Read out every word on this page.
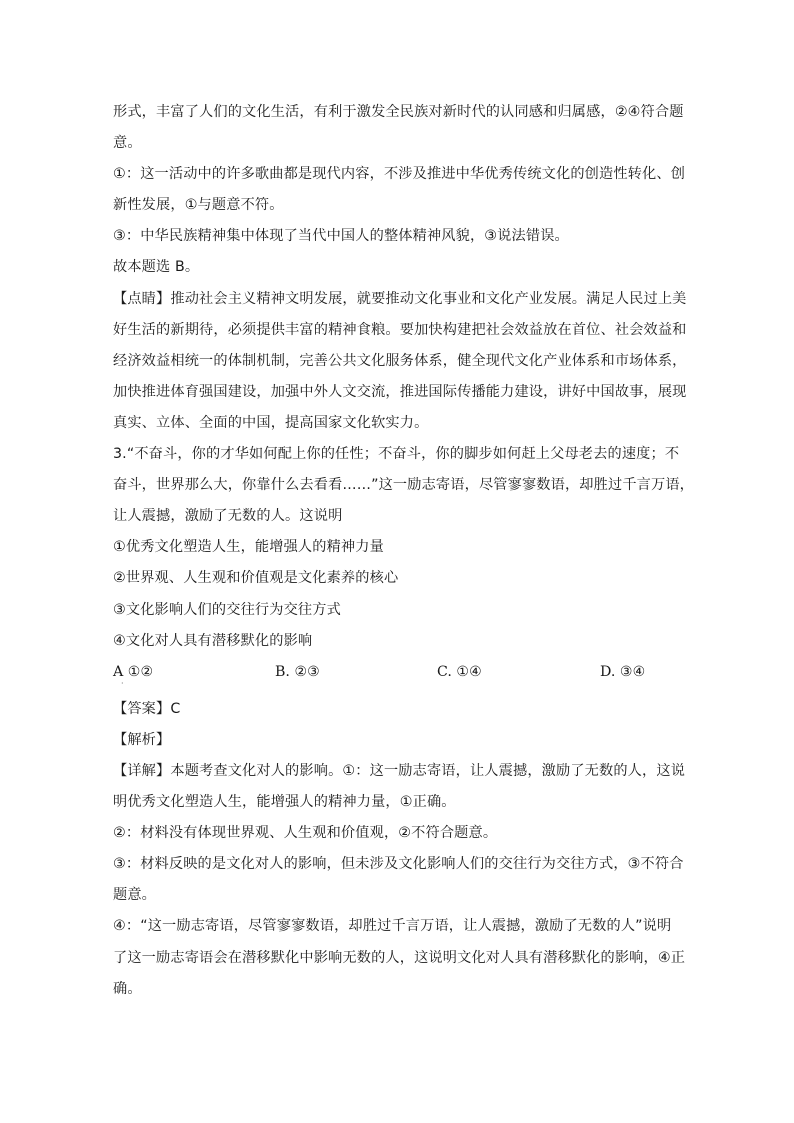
形式，丰富了人们的文化生活，有利于激发全民族对新时代的认同感和归属感，②④符合题
意。
①：这一活动中的许多歌曲都是现代内容，不涉及推进中华优秀传统文化的创造性转化、创
新性发展，①与题意不符。
③：中华民族精神集中体现了当代中国人的整体精神风貌，③说法错误。
故本题选 B。
【点睛】推动社会主义精神文明发展，就要推动文化事业和文化产业发展。满足人民过上美
好生活的新期待，必须提供丰富的精神食粮。要加快构建把社会效益放在首位、社会效益和
经济效益相统一的体制机制，完善公共文化服务体系，健全现代文化产业体系和市场体系，
加快推进体育强国建设，加强中外人文交流，推进国际传播能力建设，讲好中国故事，展现
真实、立体、全面的中国，提高国家文化软实力。
3.“不奋斗，你的才华如何配上你的任性；不奋斗，你的脚步如何赶上父母老去的速度；不
奋斗，世界那么大，你靠什么去看看……”这一励志寄语，尽管寥寥数语，却胜过千言万语，
让人震撼，激励了无数的人。这说明
①优秀文化塑造人生，能增强人的精神力量
②世界观、人生观和价值观是文化素养的核心
③文化影响人们的交往行为交往方式
④文化对人具有潜移默化的影响
A ①②	B. ②③	C. ①④	D. ③④
·
【答案】C
【解析】
【详解】本题考查文化对人的影响。①：这一励志寄语，让人震撼，激励了无数的人，这说
明优秀文化塑造人生，能增强人的精神力量，①正确。
②：材料没有体现世界观、人生观和价值观，②不符合题意。
③：材料反映的是文化对人的影响，但未涉及文化影响人们的交往行为交往方式，③不符合
题意。
④：“这一励志寄语，尽管寥寥数语，却胜过千言万语，让人震撼，激励了无数的人”说明
了这一励志寄语会在潜移默化中影响无数的人，这说明文化对人具有潜移默化的影响，④正
确。
